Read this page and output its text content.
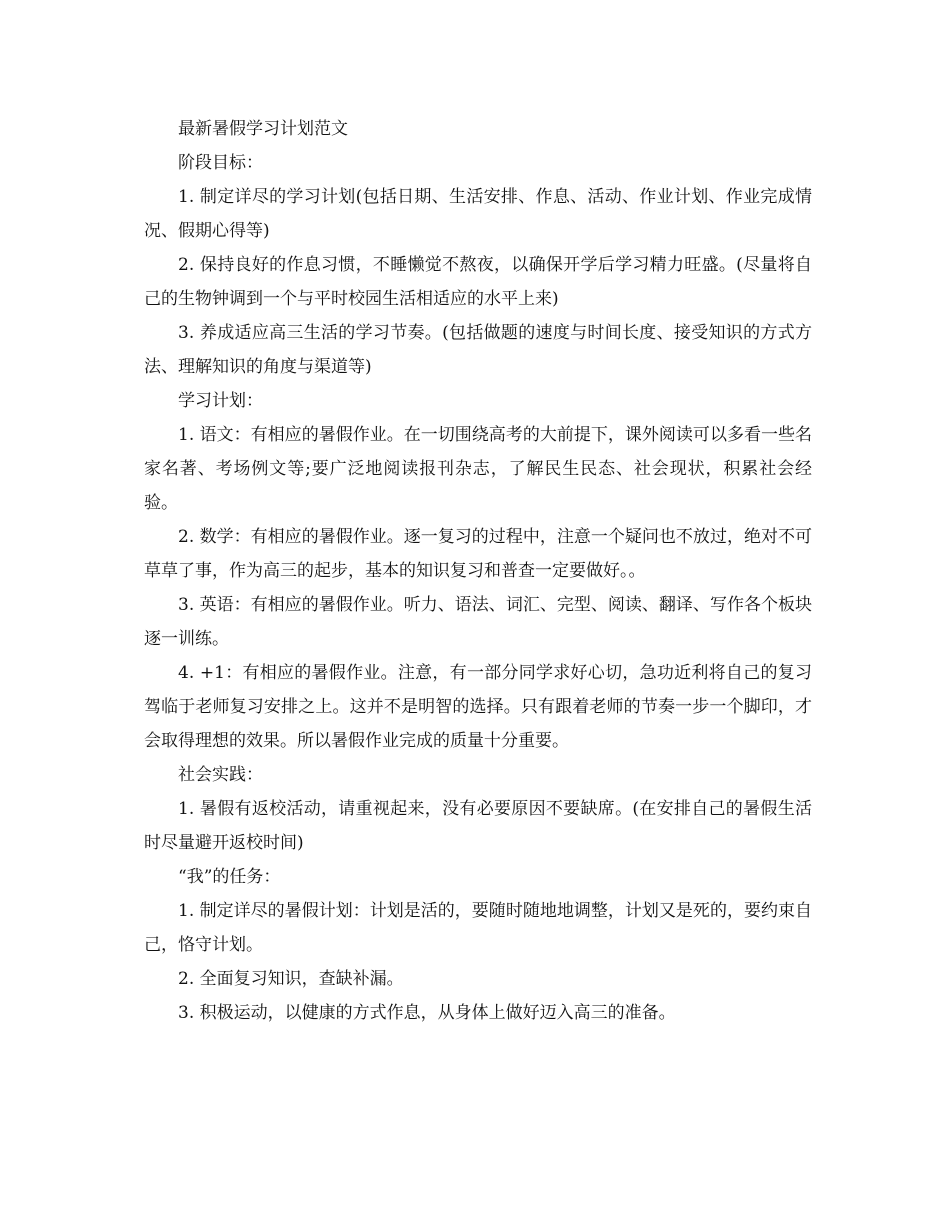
最新暑假学习计划范文

阶段目标：

1. 制定详尽的学习计划(包括日期、生活安排、作息、活动、作业计划、作业完成情况、假期心得等)

2. 保持良好的作息习惯，不睡懒觉不熬夜，以确保开学后学习精力旺盛。(尽量将自己的生物钟调到一个与平时校园生活相适应的水平上来)

3. 养成适应高三生活的学习节奏。(包括做题的速度与时间长度、接受知识的方式方法、理解知识的角度与渠道等)

学习计划：

1. 语文：有相应的暑假作业。在一切围绕高考的大前提下，课外阅读可以多看一些名家名著、考场例文等;要广泛地阅读报刊杂志，了解民生民态、社会现状，积累社会经验。

2. 数学：有相应的暑假作业。逐一复习的过程中，注意一个疑问也不放过，绝对不可草草了事，作为高三的起步，基本的知识复习和普查一定要做好。。

3. 英语：有相应的暑假作业。听力、语法、词汇、完型、阅读、翻译、写作各个板块逐一训练。

4. +1：有相应的暑假作业。注意，有一部分同学求好心切，急功近利将自己的复习驾临于老师复习安排之上。这并不是明智的选择。只有跟着老师的节奏一步一个脚印，才会取得理想的效果。所以暑假作业完成的质量十分重要。

社会实践：

1. 暑假有返校活动，请重视起来，没有必要原因不要缺席。(在安排自己的暑假生活时尽量避开返校时间)

“我”的任务：

1. 制定详尽的暑假计划：计划是活的，要随时随地地调整，计划又是死的，要约束自己，恪守计划。

2. 全面复习知识，查缺补漏。

3. 积极运动，以健康的方式作息，从身体上做好迈入高三的准备。
